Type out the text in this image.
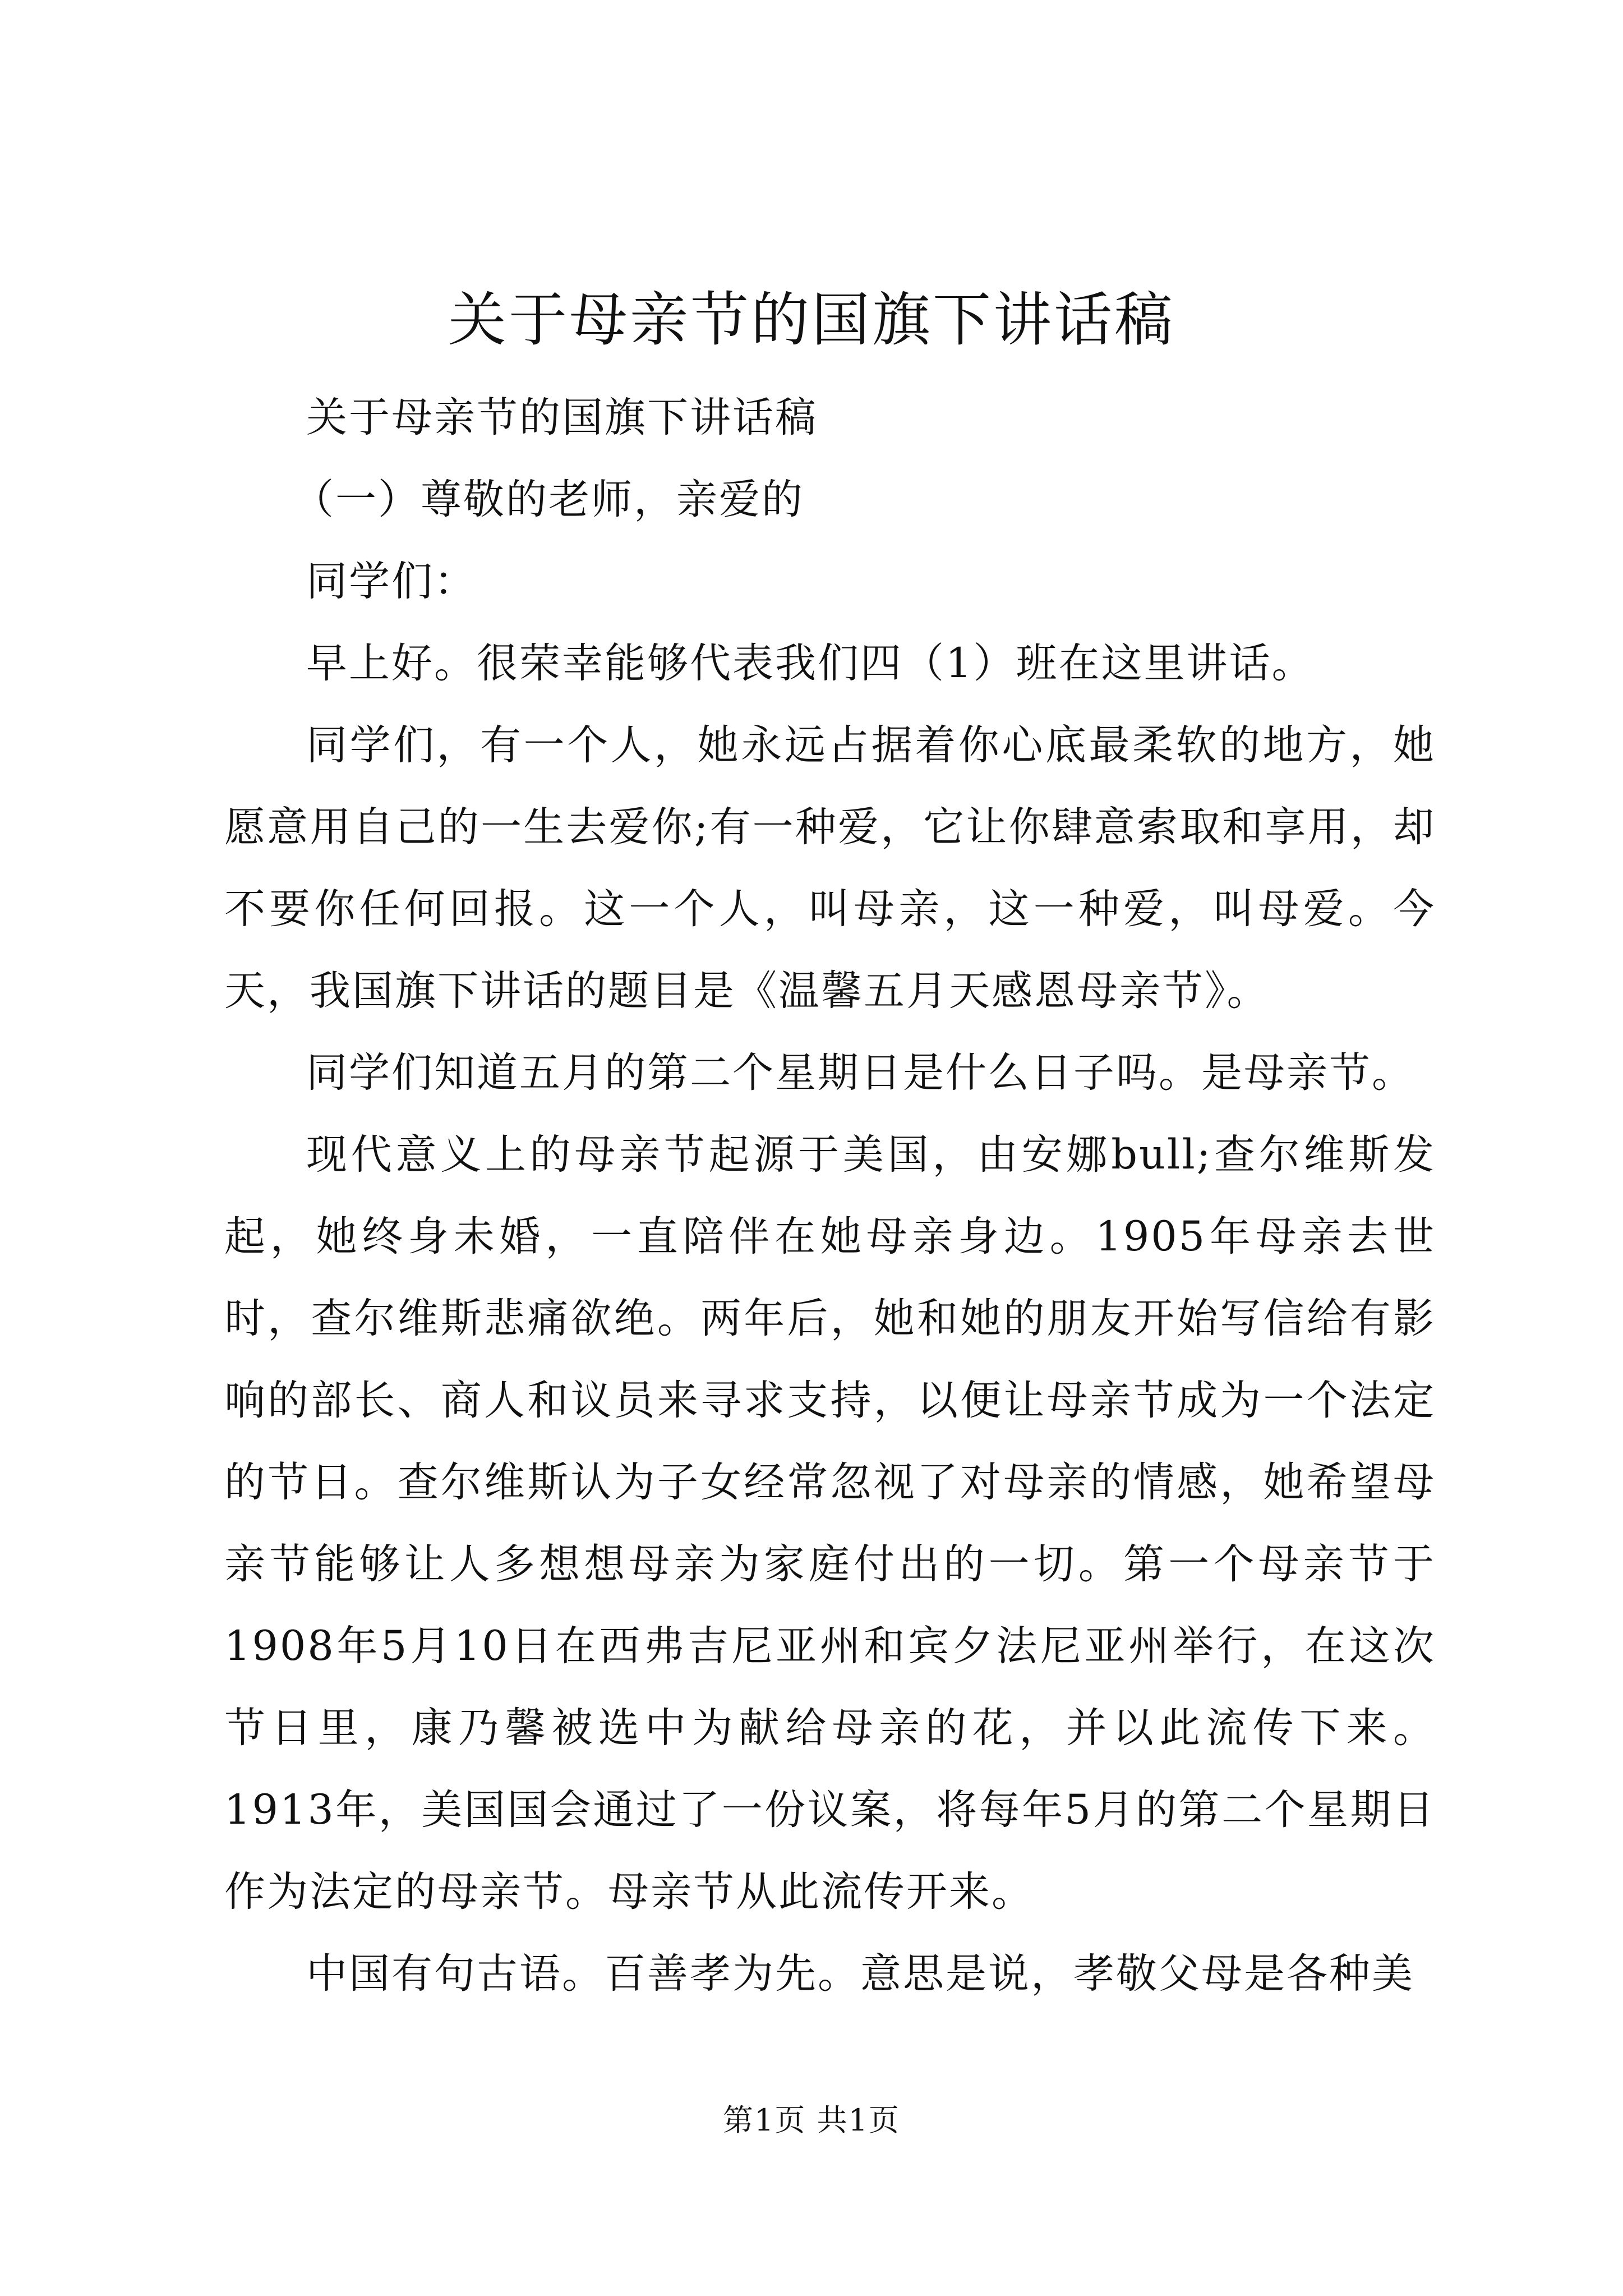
关于母亲节的国旗下讲话稿

关于母亲节的国旗下讲话稿

（一）尊敬的老师，亲爱的

同学们：

早上好。很荣幸能够代表我们四（1）班在这里讲话。

同学们，有一个人，她永远占据着你心底最柔软的地方，她愿意用自己的一生去爱你;有一种爱，它让你肆意索取和享用，却不要你任何回报。这一个人，叫母亲，这一种爱，叫母爱。今天，我国旗下讲话的题目是《温馨五月天感恩母亲节》。

同学们知道五月的第二个星期日是什么日子吗。是母亲节。

现代意义上的母亲节起源于美国，由安娜bull;查尔维斯发起，她终身未婚，一直陪伴在她母亲身边。1905年母亲去世时，查尔维斯悲痛欲绝。两年后，她和她的朋友开始写信给有影响的部长、商人和议员来寻求支持，以便让母亲节成为一个法定的节日。查尔维斯认为子女经常忽视了对母亲的情感，她希望母亲节能够让人多想想母亲为家庭付出的一切。第一个母亲节于1908年5月10日在西弗吉尼亚州和宾夕法尼亚州举行，在这次节日里，康乃馨被选中为献给母亲的花，并以此流传下来。1913年，美国国会通过了一份议案，将每年5月的第二个星期日作为法定的母亲节。母亲节从此流传开来。

中国有句古语。百善孝为先。意思是说，孝敬父母是各种美

第1页 共1页
